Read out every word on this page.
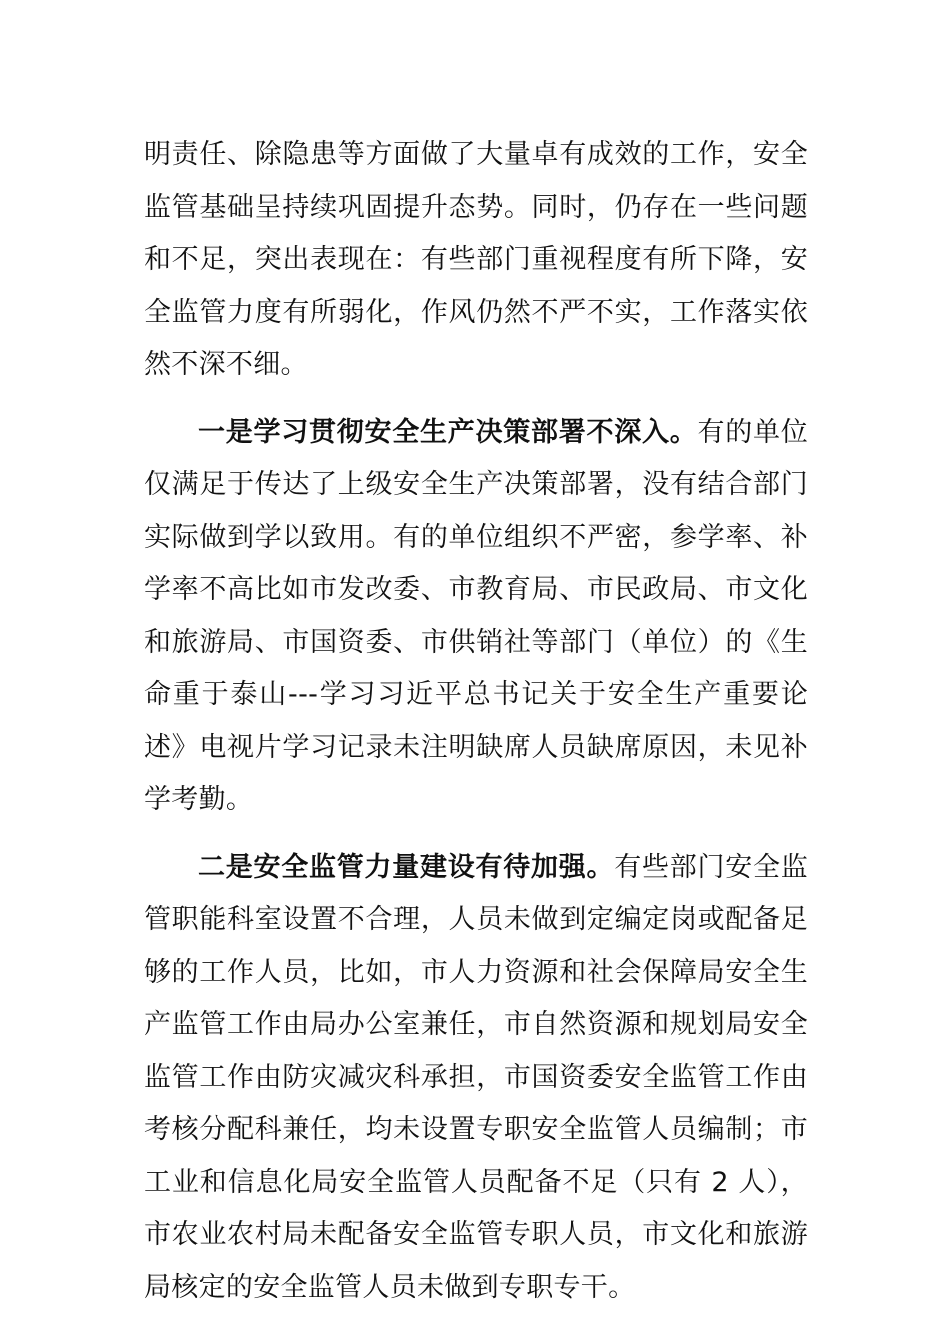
明责任、除隐患等方面做了大量卓有成效的工作，安全监管基础呈持续巩固提升态势。同时，仍存在一些问题和不足，突出表现在：有些部门重视程度有所下降，安全监管力度有所弱化，作风仍然不严不实，工作落实依然不深不细。

一是学习贯彻安全生产决策部署不深入。有的单位仅满足于传达了上级安全生产决策部署，没有结合部门实际做到学以致用。有的单位组织不严密，参学率、补学率不高比如市发改委、市教育局、市民政局、市文化和旅游局、市国资委、市供销社等部门（单位）的《生命重于泰山---学习习近平总书记关于安全生产重要论述》电视片学习记录未注明缺席人员缺席原因，未见补学考勤。

二是安全监管力量建设有待加强。有些部门安全监管职能科室设置不合理，人员未做到定编定岗或配备足够的工作人员，比如，市人力资源和社会保障局安全生产监管工作由局办公室兼任，市自然资源和规划局安全监管工作由防灾减灾科承担，市国资委安全监管工作由考核分配科兼任，均未设置专职安全监管人员编制；市工业和信息化局安全监管人员配备不足（只有 2 人），市农业农村局未配备安全监管专职人员，市文化和旅游局核定的安全监管人员未做到专职专干。
